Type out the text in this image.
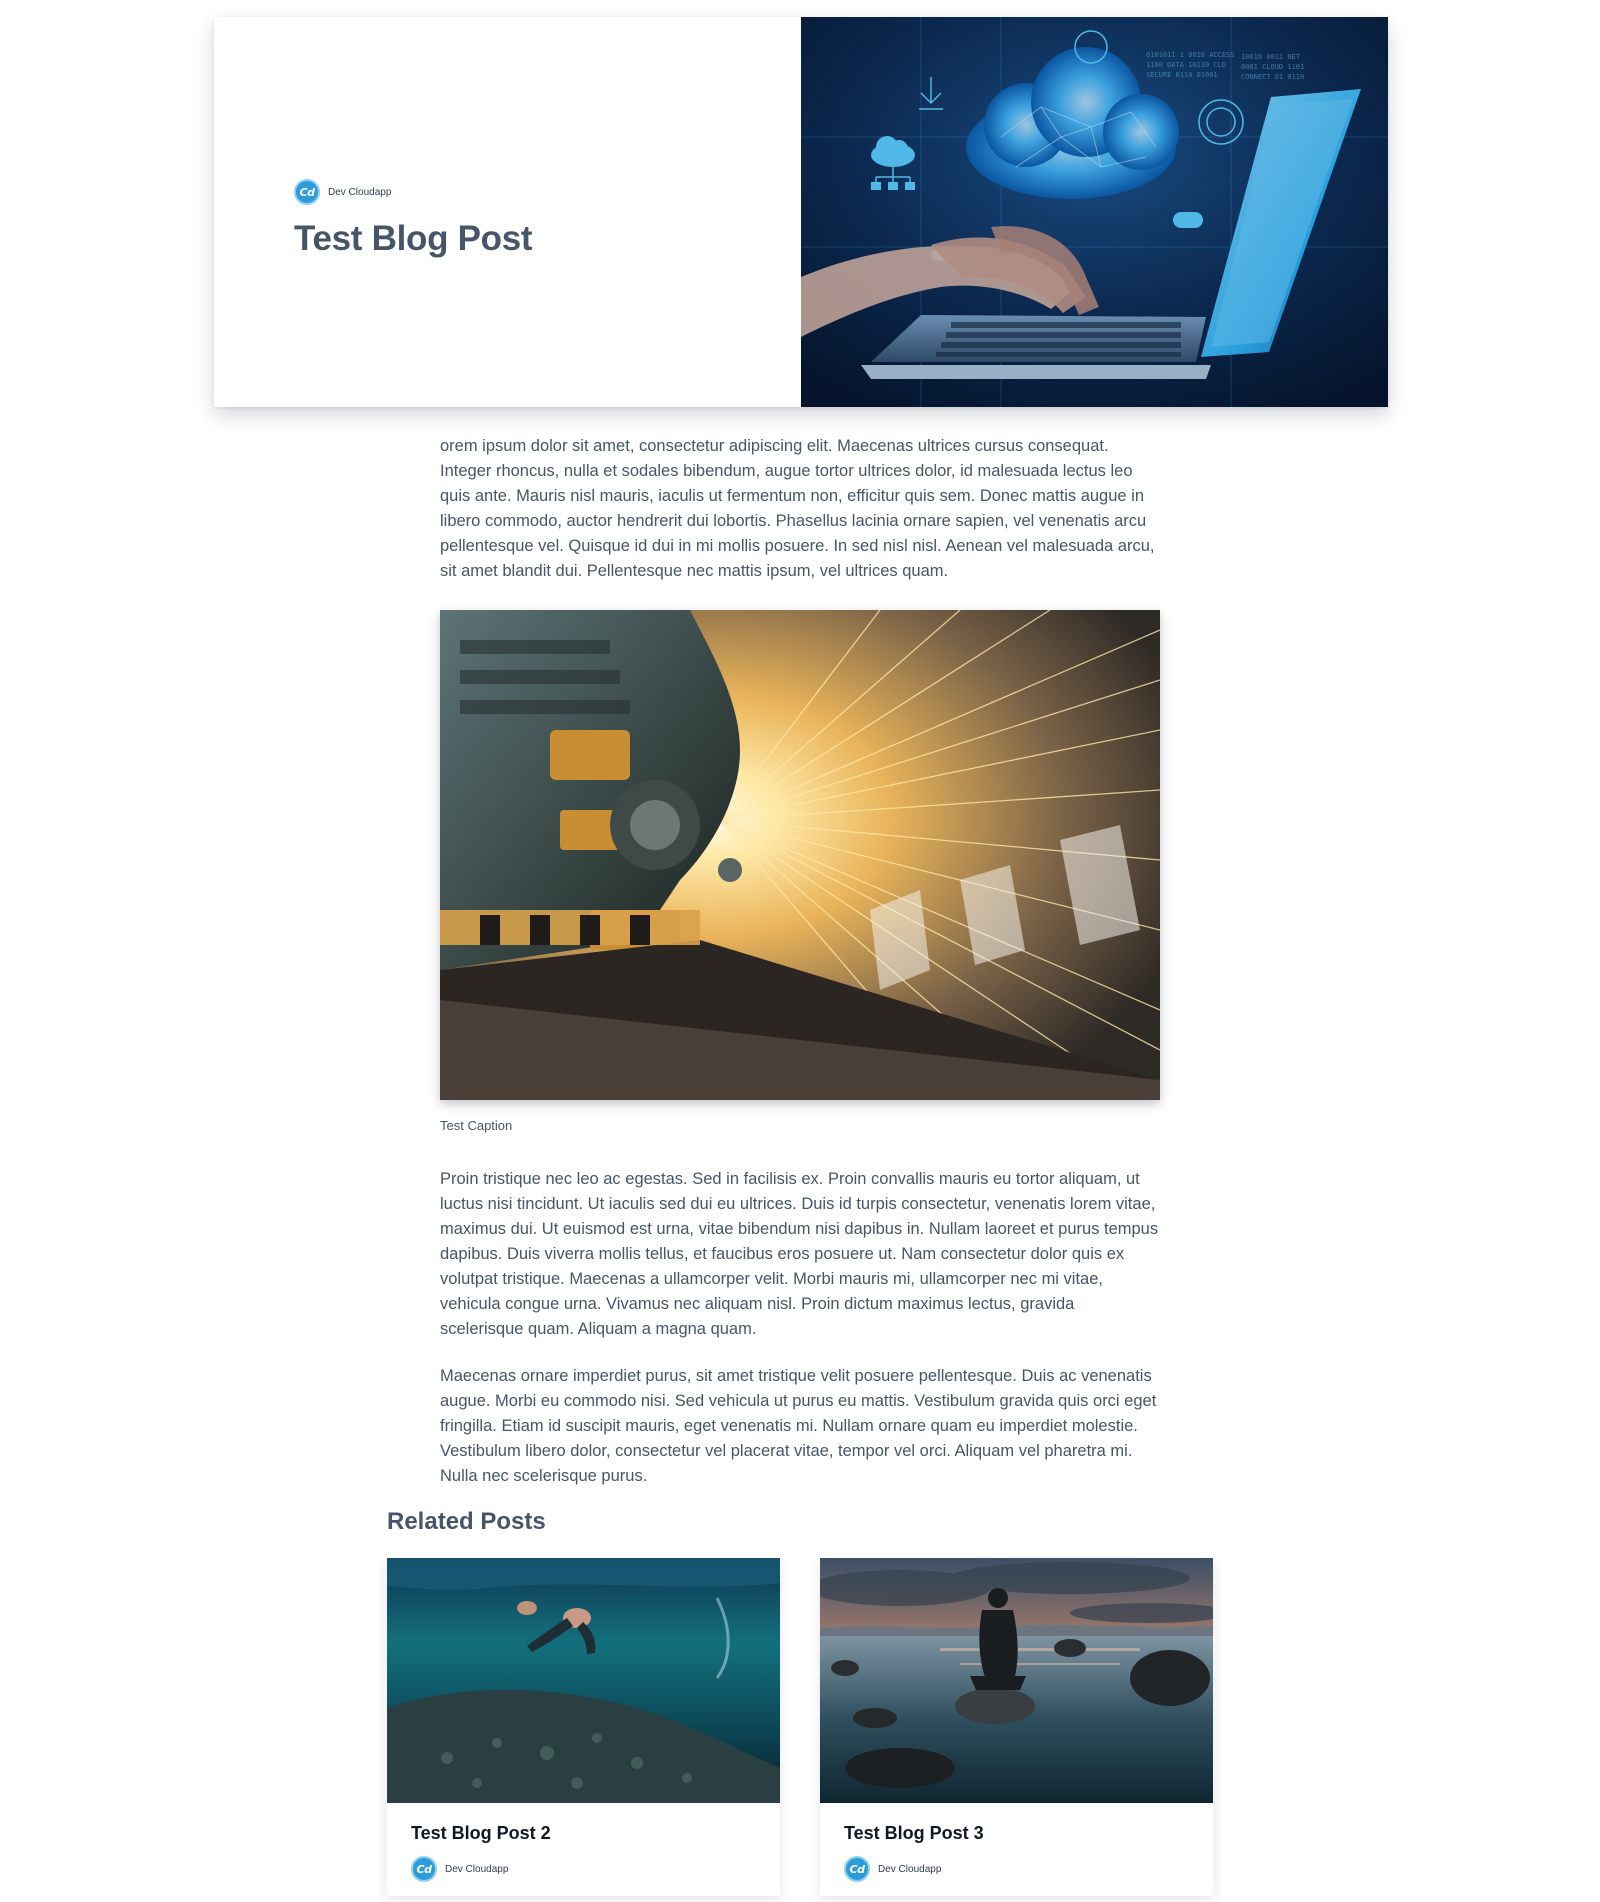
Cd Dev Cloudapp
Test Blog Post
0101011 1 0010 ACCESS
1100 DATA 10110 CLD
SECURE 0110 01001
10010 0011 NET
0001 CLOUD 1101
CONNECT 01 0110

orem ipsum dolor sit amet, consectetur adipiscing elit. Maecenas ultrices cursus consequat. Integer rhoncus, nulla et sodales bibendum, augue tortor ultrices dolor, id malesuada lectus leo quis ante. Mauris nisl mauris, iaculis ut fermentum non, efficitur quis sem. Donec mattis augue in libero commodo, auctor hendrerit dui lobortis. Phasellus lacinia ornare sapien, vel venenatis arcu pellentesque vel. Quisque id dui in mi mollis posuere. In sed nisl nisl. Aenean vel malesuada arcu, sit amet blandit dui. Pellentesque nec mattis ipsum, vel ultrices quam.

Test Caption

Proin tristique nec leo ac egestas. Sed in facilisis ex. Proin convallis mauris eu tortor aliquam, ut luctus nisi tincidunt. Ut iaculis sed dui eu ultrices. Duis id turpis consectetur, venenatis lorem vitae, maximus dui. Ut euismod est urna, vitae bibendum nisi dapibus in. Nullam laoreet et purus tempus dapibus. Duis viverra mollis tellus, et faucibus eros posuere ut. Nam consectetur dolor quis ex volutpat tristique. Maecenas a ullamcorper velit. Morbi mauris mi, ullamcorper nec mi vitae, vehicula congue urna. Vivamus nec aliquam nisl. Proin dictum maximus lectus, gravida scelerisque quam. Aliquam a magna quam.

Maecenas ornare imperdiet purus, sit amet tristique velit posuere pellentesque. Duis ac venenatis augue. Morbi eu commodo nisi. Sed vehicula ut purus eu mattis. Vestibulum gravida quis orci eget fringilla. Etiam id suscipit mauris, eget venenatis mi. Nullam ornare quam eu imperdiet molestie. Vestibulum libero dolor, consectetur vel placerat vitae, tempor vel orci. Aliquam vel pharetra mi. Nulla nec scelerisque purus.

Related Posts
Test Blog Post 2
Cd Dev Cloudapp
Test Blog Post 3
Cd Dev Cloudapp
